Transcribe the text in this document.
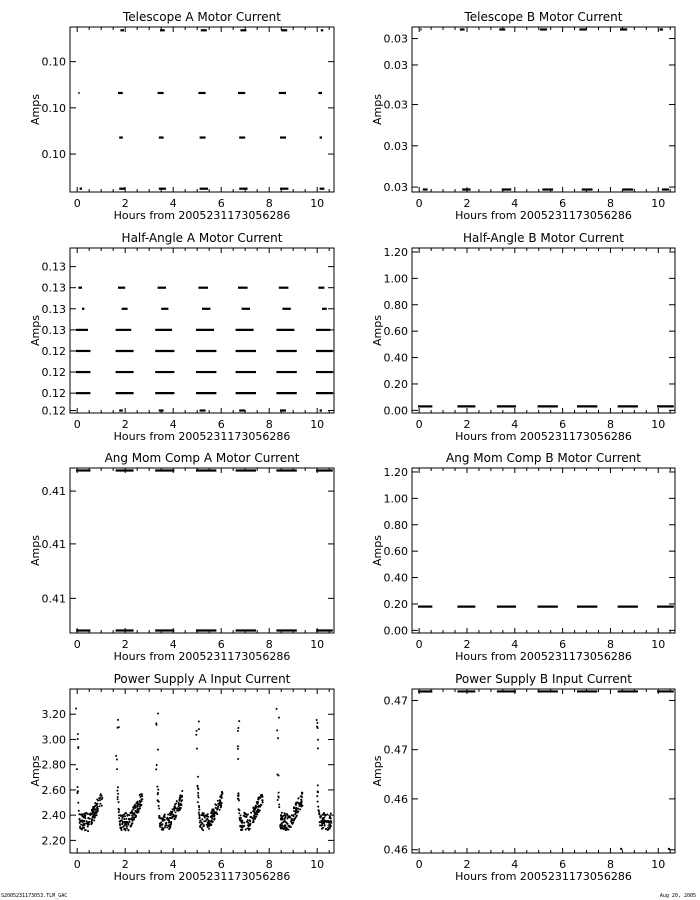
Telescope A Motor Current
0	2	4	6	8	10
Hours from 2005231173056286
0.10
0.10
0.10
Amps
Telescope B Motor Current
0	2	4	6	8	10
Hours from 2005231173056286
0.03
0.03
0.03
0.03
0.03
Amps
Half-Angle A Motor Current
0	2	4	6	8	10
Hours from 2005231173056286
0.12
0.12
0.12
0.12
0.13
0.13
0.13
0.13
Amps
Half-Angle B Motor Current
0	2	4	6	8	10
Hours from 2005231173056286
0.00
0.20
0.40
0.60
0.80
1.00
1.20
Amps
Ang Mom Comp A Motor Current
0	2	4	6	8	10
Hours from 2005231173056286
0.41
0.41
0.41
Amps
Ang Mom Comp B Motor Current
0	2	4	6	8	10
Hours from 2005231173056286
0.00
0.20
0.40
0.60
0.80
1.00
1.20
Amps
Power Supply A Input Current
0	2	4	6	8	10
Hours from 2005231173056286
2.20
2.40
2.60
2.80
3.00
3.20
Amps
Power Supply B Input Current
0	2	4	6	8	10
Hours from 2005231173056286
0.46
0.46
0.47
0.47
Amps
S2005231173053.TLM_GAC	Aug 20, 2005
